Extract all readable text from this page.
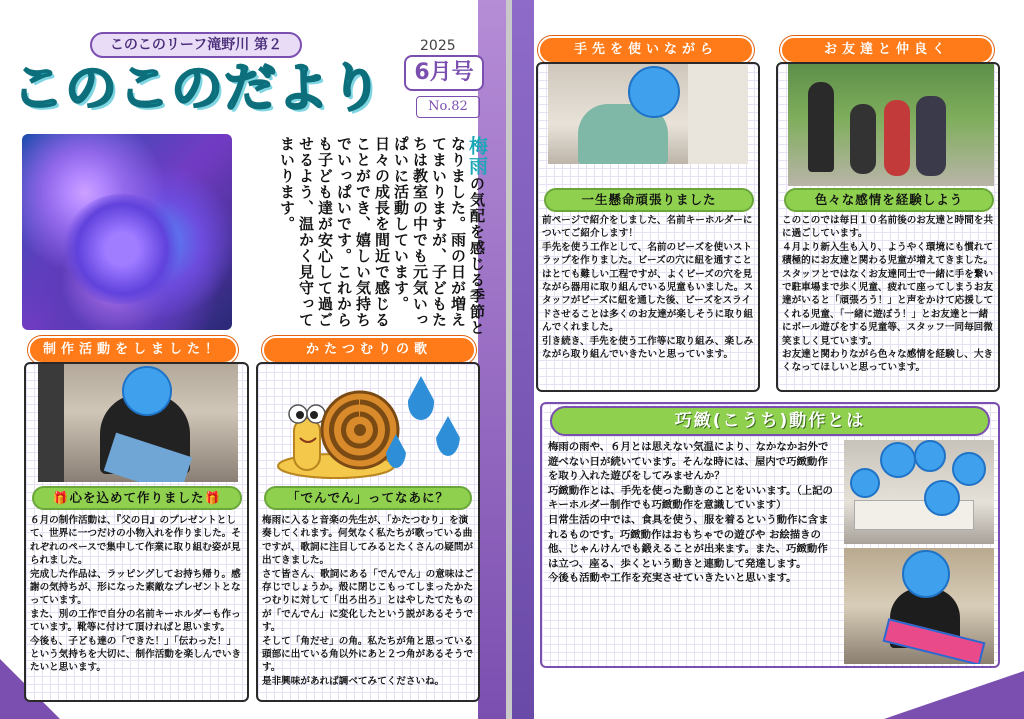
このこのリーフ滝野川 第２
このこのだより
2025
6月号
No.82
梅雨の気配を感じる季節となりました。雨の日が増えてまいりますが、子どもたちは教室の中でも元気いっぱいに活動しています。日々の成長を間近で感じることができ、嬉しい気持ちでいっぱいです。これからも子ども達が安心して過ごせるよう、温かく見守ってまいります。
制作活動をしました！
🎁心を込めて作りました🎁

６月の制作活動は、『父の日』のプレゼントとして、世界に一つだけの小物入れを作りました。それぞれのペースで集中して作業に取り組む姿が見られました。

完成した作品は、ラッピングしてお持ち帰り。感謝の気持ちが、形になった素敵なプレゼントとなっています。

また、別の工作で自分の名前キーホルダーも作っています。靴等に付けて頂ければと思います。

今後も、子ども達の「できた！」「伝わった！」という気持ちを大切に、制作活動を楽しんでいきたいと思います。

かたつむりの歌
「でんでん」ってなあに？

梅雨に入ると音楽の先生が、「かたつむり」を演奏してくれます。何気なく私たちが歌っている曲ですが、歌詞に注目してみるとたくさんの疑問が出てきました。

さて皆さん、歌詞にある「でんでん」の意味はご存じでしょうか。殻に閉じこもってしまったかたつむりに対して「出ろ出ろ」とはやしたてたものが「でんでん」に変化したという説があるそうです。

そして「角だせ」の角。私たちが角と思っている頭部に出ている角以外にあと２つ角があるそうです。

是非興味があれば調べてみてくださいね。

手先を使いながら
一生懸命頑張りました

前ページで紹介をしました、名前キーホルダーについてご紹介します！

手先を使う工作として、名前のビーズを使いストラップを作りました。ビーズの穴に紐を通すことはとても難しい工程ですが、よくビーズの穴を見ながら器用に取り組んでいる児童もいました。スタッフがビーズに紐を通した後、ビーズをスライドさせることは多くのお友達が楽しそうに取り組んでくれました。

引き続き、手先を使う工作等に取り組み、楽しみながら取り組んでいきたいと思っています。

お友達と仲良く
色々な感情を経験しよう

このこのでは毎日１０名前後のお友達と時間を共に過ごしています。

４月より新入生も入り、ようやく環境にも慣れて積極的にお友達と関わる児童が増えてきました。スタッフとではなくお友達同士で一緒に手を繋いで駐車場まで歩く児童、疲れて座ってしまうお友達がいると「頑張ろう！」と声をかけて応援してくれる児童、「一緒に遊ぼう！」とお友達と一緒にボール遊びをする児童等、スタッフ一同毎回微笑ましく見ています。

お友達と関わりながら色々な感情を経験し、大きくなってほしいと思っています。

巧緻(こうち)動作とは

梅雨の雨や、６月とは思えない気温により、なかなかお外で遊べない日が続いています。そんな時には、屋内で巧緻動作を取り入れた遊びをしてみませんか？

巧緻動作とは、手先を使った動きのことをいいます。（上記のキーホルダー制作でも巧緻動作を意識しています）

日常生活の中では、食具を使う、服を着るという動作に含まれるものです。巧緻動作はおもちゃでの遊びや お絵描きの他、じゃんけんでも鍛えることが出来ます。また、巧緻動作は立つ、座る、歩くという動きと連動して発達します。

今後も活動や工作を充実させていきたいと思います。
